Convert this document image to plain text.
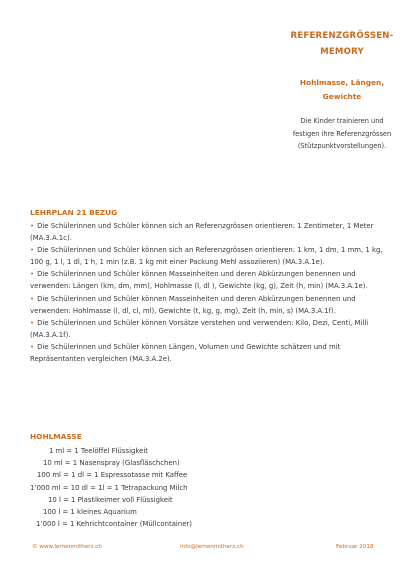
REFERENZGRÖSSEN-
MEMORY
Hohlmasse, Längen,
Gewichte
Die Kinder trainieren und
festigen ihre Referenzgrössen
(Stützpunktvorstellungen).
LEHRPLAN 21 BEZUG
• Die Schülerinnen und Schüler können sich an Referenzgrössen orientieren: 1 Zentimeter, 1 Meter (MA.3.A.1c).
• Die Schülerinnen und Schüler können sich an Referenzgrössen orientieren: 1 km, 1 dm, 1 mm, 1 kg, 100 g, 1 l, 1 dl, 1 h, 1 min (z.B. 1 kg mit einer Packung Mehl assoziieren) (MA.3.A.1e).
• Die Schülerinnen und Schüler können Masseinheiten und deren Abkürzungen benennen und verwenden: Längen (km, dm, mm), Hohlmasse (l, dl ), Gewichte (kg, g), Zeit (h, min) (MA.3.A.1e).
• Die Schülerinnen und Schüler können Masseinheiten und deren Abkürzungen benennen und verwenden: Hohlmasse (l, dl, cl, ml), Gewichte (t, kg, g, mg), Zeit (h, min, s) (MA.3.A.1f).
• Die Schülerinnen und Schüler können Vorsätze verstehen und verwenden: Kilo, Dezi, Centi, Milli (MA.3.A.1f).
• Die Schülerinnen und Schüler können Längen, Volumen und Gewichte schätzen und mit Repräsentanten vergleichen (MA.3.A.2e).
HOHLMASSE
1 ml = 1 Teelöffel Flüssigkeit
10 ml = 1 Nasenspray (Glasfläschchen)
100 ml = 1 dl = 1 Espressotasse mit Kaffee
1’000 ml = 10 dl = 1l = 1 Tetrapackung Milch
10 l = 1 Plastikeimer voll Flüssigkeit
100 l = 1 kleines Aquarium
1’000 l = 1 Kehrichtcontainer (Müllcontainer)
© www.lernenmitherz.ch	info@lernenmitherz.ch	Februar 2018
